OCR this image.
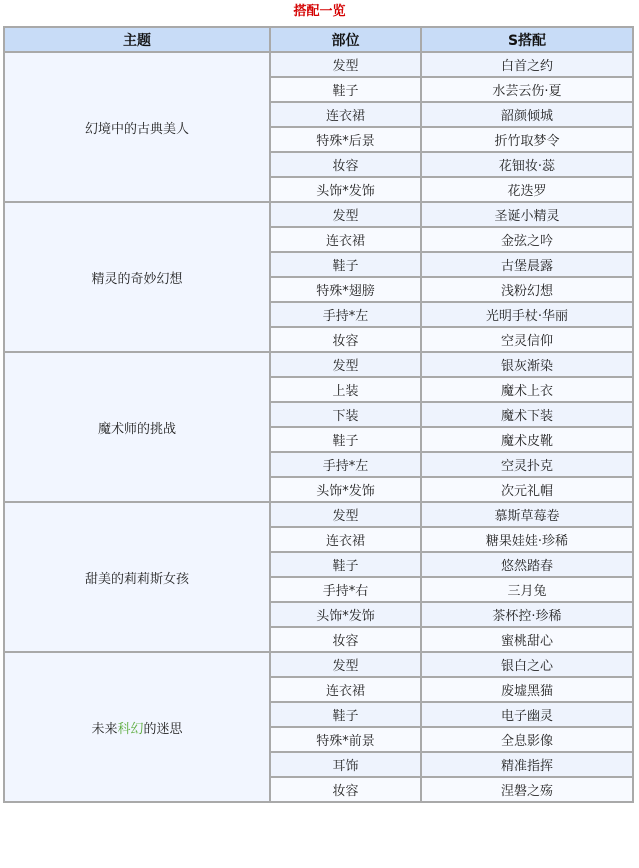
搭配一览
主题	部位	S搭配
幻境中的古典美人	发型	白首之约
	鞋子	水芸云伤·夏
	连衣裙	韶颜倾城
	特殊*后景	折竹取梦令
	妆容	花钿妆·蕊
	头饰*发饰	花迭罗
精灵的奇妙幻想	发型	圣诞小精灵
	连衣裙	金弦之吟
	鞋子	古堡晨露
	特殊*翅膀	浅粉幻想
	手持*左	光明手杖·华丽
	妆容	空灵信仰
魔术师的挑战	发型	银灰渐染
	上装	魔术上衣
	下装	魔术下装
	鞋子	魔术皮靴
	手持*左	空灵扑克
	头饰*发饰	次元礼帽
甜美的莉莉斯女孩	发型	慕斯草莓卷
	连衣裙	糖果娃娃·珍稀
	鞋子	悠然踏春
	手持*右	三月兔
	头饰*发饰	茶杯控·珍稀
	妆容	蜜桃甜心
未来科幻的迷思	发型	银白之心
	连衣裙	废墟黑猫
	鞋子	电子幽灵
	特殊*前景	全息影像
	耳饰	精准指挥
	妆容	涅磐之殇
